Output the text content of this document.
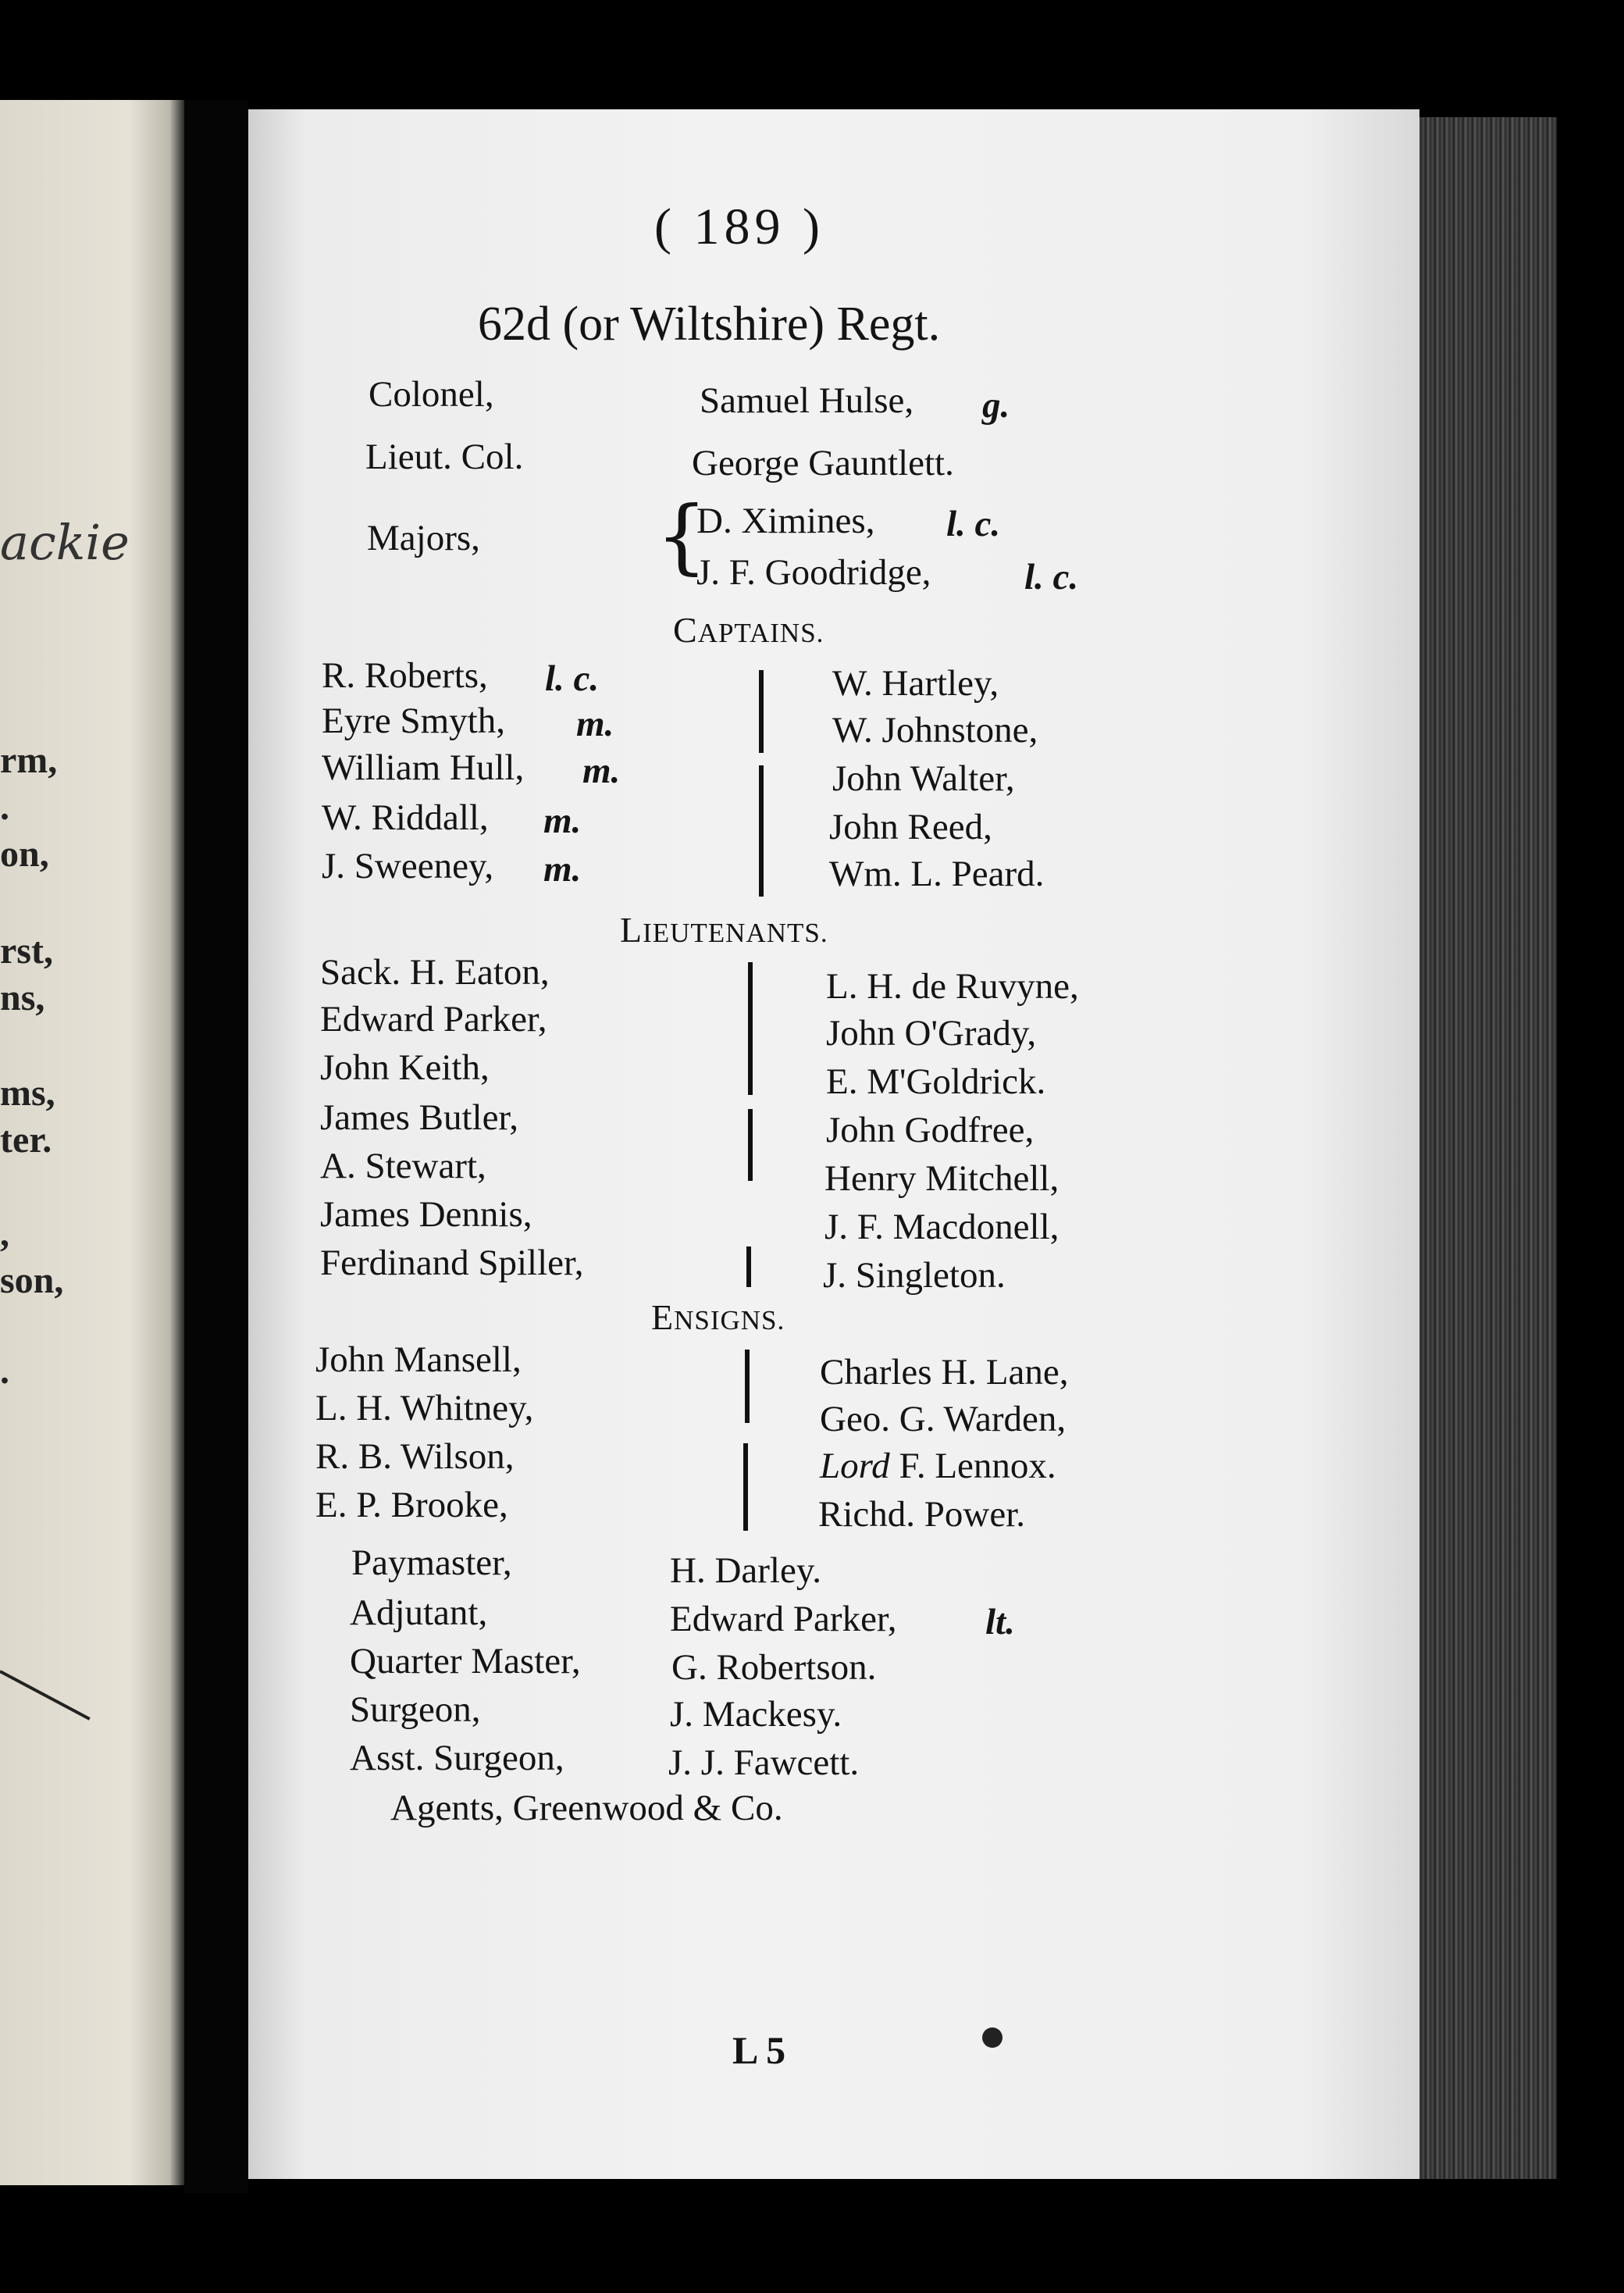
ackie
rm,
.
on,
rst,
ns,
ms,
ter.
,
son,
.
( 189 )
62d (or Wiltshire) Regt.
Colonel,	Samuel Hulse, g.
Lieut. Col.	George Gauntlett.
Majors, {
D. Ximines, l. c.
J. F. Goodridge,	l. c.
CAPTAINS.
R. Roberts, l. c.
Eyre Smyth, m.
William Hull, m.
W. Riddall, m.
J. Sweeney, m.
W. Hartley,
W. Johnstone,
John Walter,
John Reed,
Wm. L. Peard.
LIEUTENANTS.
Sack. H. Eaton,
Edward Parker,
John Keith,
James Butler,
A. Stewart,
James Dennis,
Ferdinand Spiller,
L. H. de Ruvyne,
John O'Grady,
E. M'Goldrick.
John Godfree,
Henry Mitchell,
J. F. Macdonell,
J. Singleton.
ENSIGNS.
John Mansell,
L. H. Whitney,
R. B. Wilson,
E. P. Brooke,
Charles H. Lane,
Geo. G. Warden,
Lord F. Lennox.
Richd. Power.
Paymaster,	H. Darley.
Adjutant,	Edward Parker, lt.
Quarter Master, G. Robertson.
Surgeon,	J. Mackesy.
Asst. Surgeon,	J. J. Fawcett.
Agents, Greenwood & Co.
L 5
